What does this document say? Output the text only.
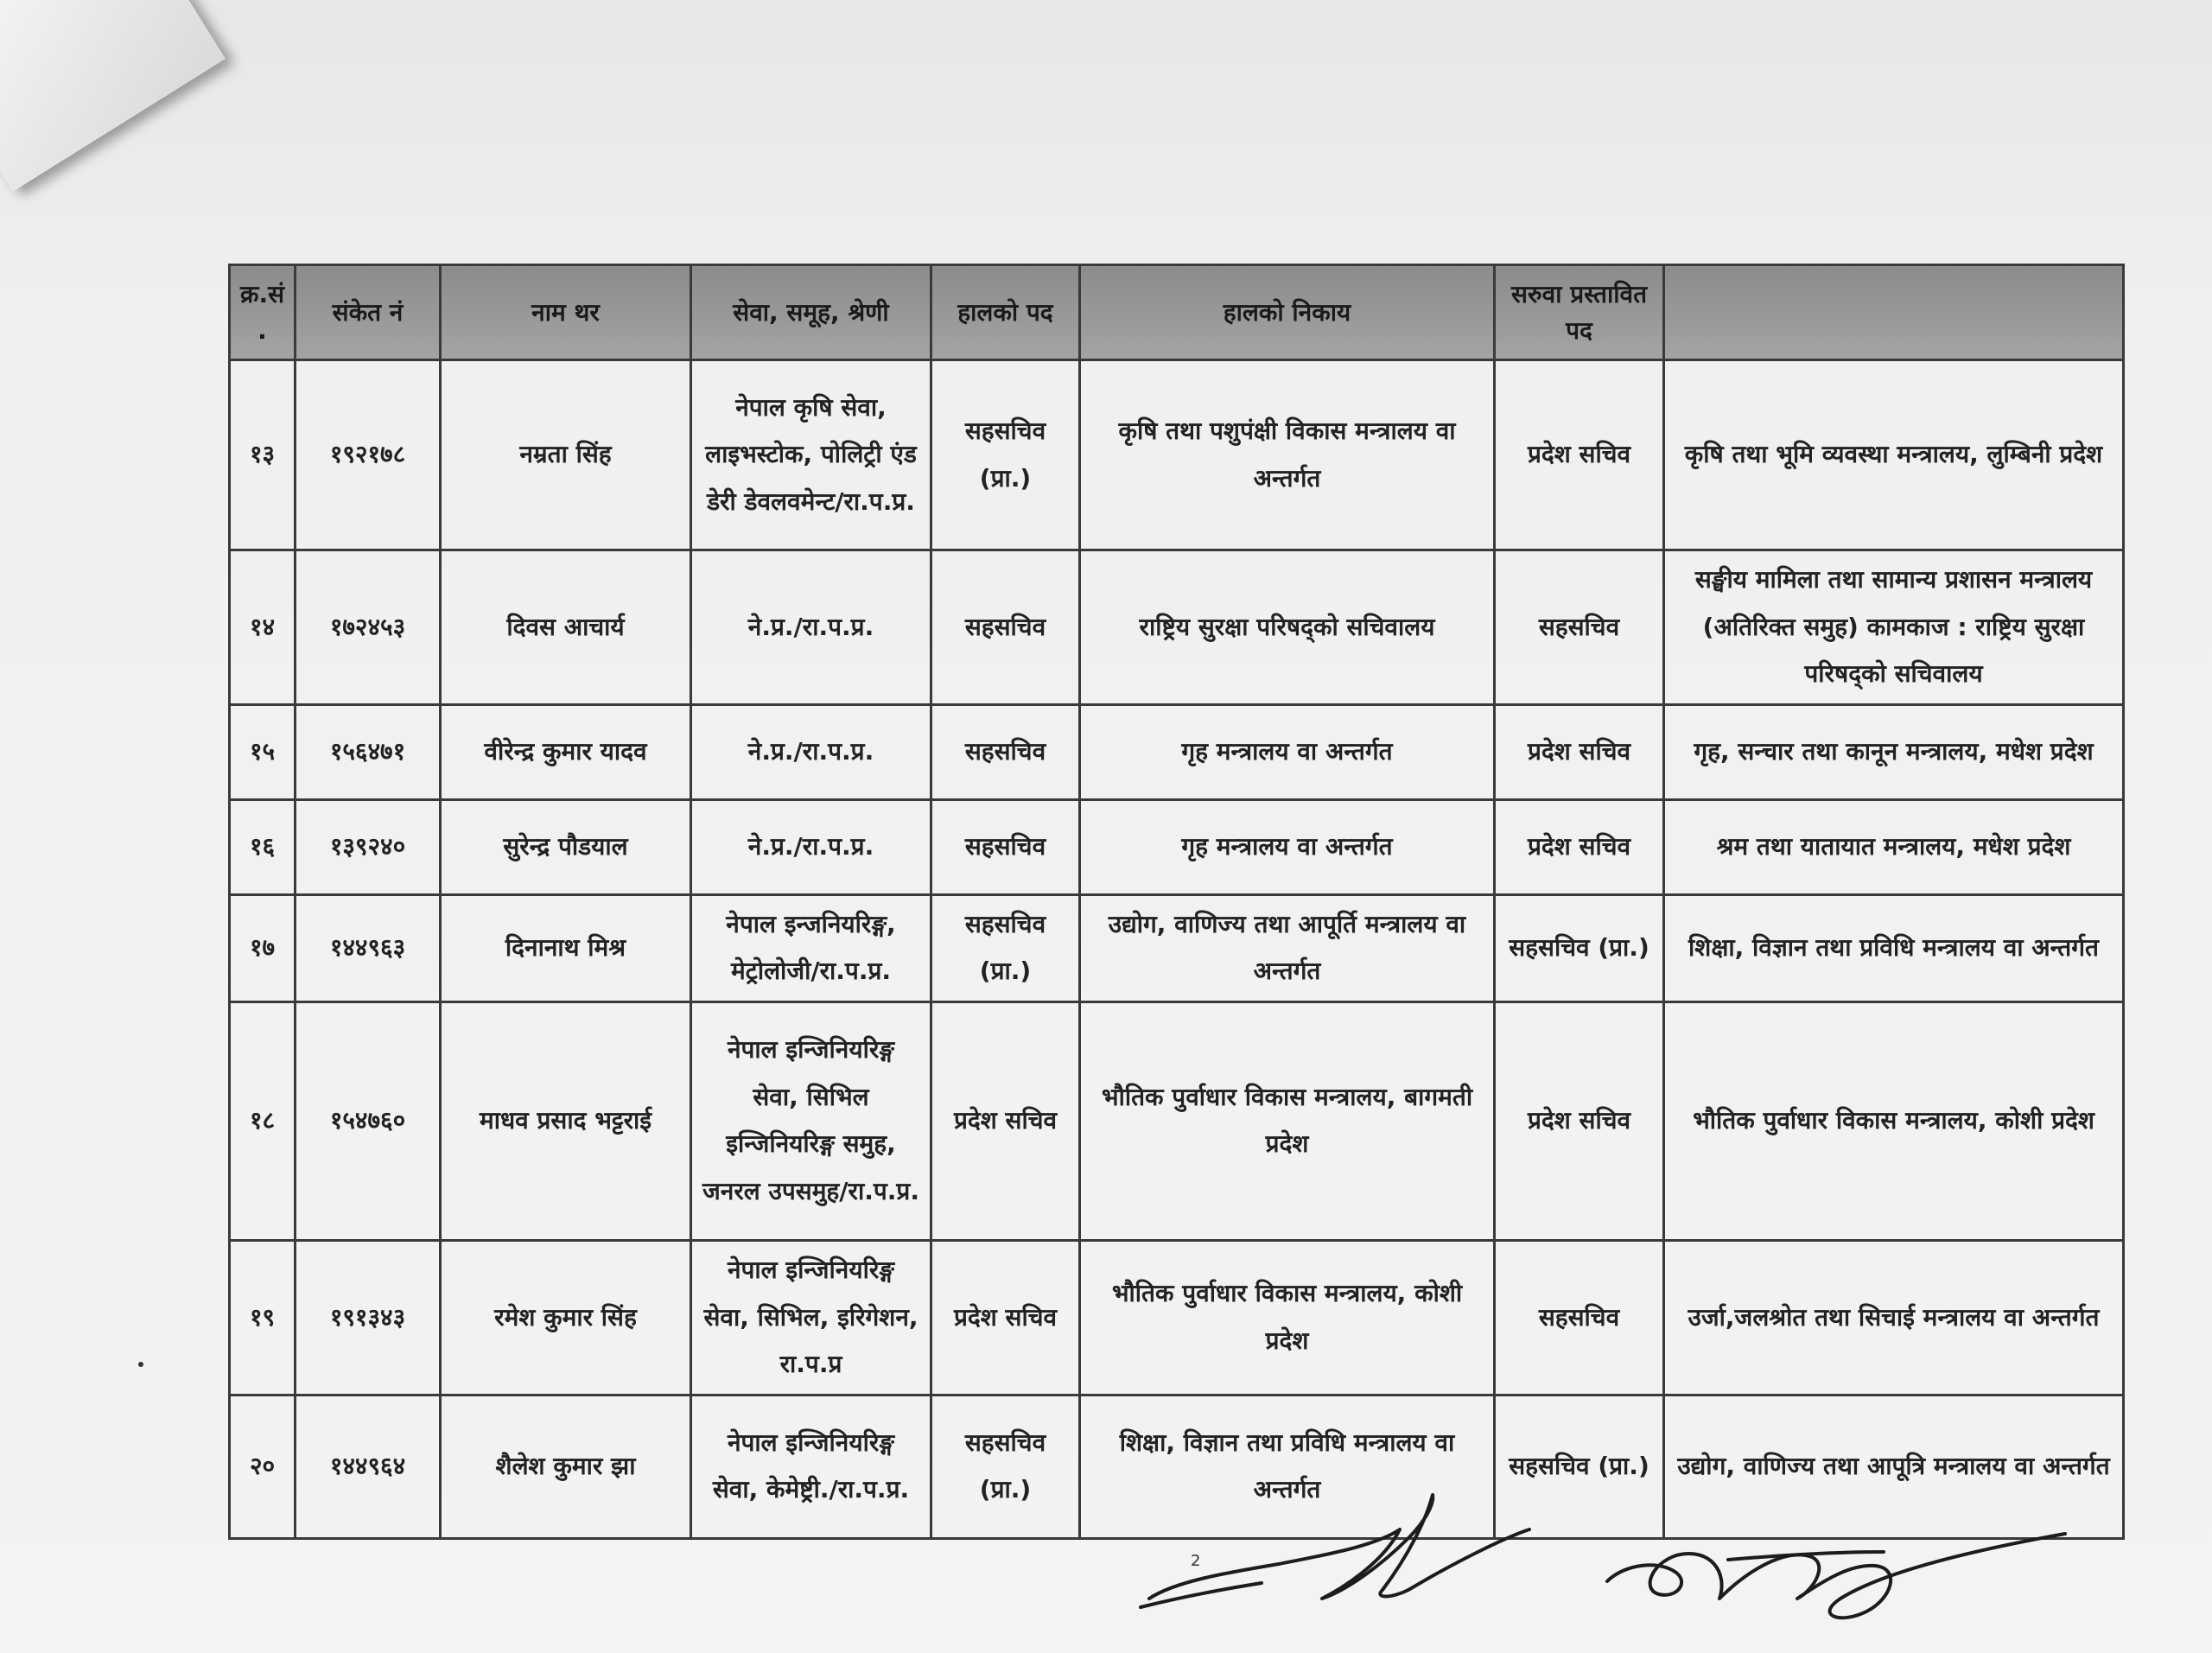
क्र.सं.	संकेत नं	नाम थर	सेवा, समूह, श्रेणी	हालको पद	हालको निकाय	सरुवा प्रस्तावित पद	
१३	१९२१७८	नम्रता सिंह	नेपाल कृषि सेवा, लाइभस्टोक, पोलिट्री एंड डेरी डेवलवमेन्ट/रा.प.प्र.	सहसचिव (प्रा.)	कृषि तथा पशुपंक्षी विकास मन्त्रालय वा अन्तर्गत	प्रदेश सचिव	कृषि तथा भूमि व्यवस्था मन्त्रालय, लुम्बिनी प्रदेश
१४	१७२४५३	दिवस आचार्य	ने.प्र./रा.प.प्र.	सहसचिव	राष्ट्रिय सुरक्षा परिषद्को सचिवालय	सहसचिव	सङ्घीय मामिला तथा सामान्य प्रशासन मन्त्रालय (अतिरिक्त समुह) कामकाज : राष्ट्रिय सुरक्षा परिषद्को सचिवालय
१५	१५६४७१	वीरेन्द्र कुमार यादव	ने.प्र./रा.प.प्र.	सहसचिव	गृह मन्त्रालय वा अन्तर्गत	प्रदेश सचिव	गृह, सन्चार तथा कानून मन्त्रालय, मधेश प्रदेश
१६	१३९२४०	सुरेन्द्र पौडयाल	ने.प्र./रा.प.प्र.	सहसचिव	गृह मन्त्रालय वा अन्तर्गत	प्रदेश सचिव	श्रम तथा यातायात मन्त्रालय, मधेश प्रदेश
१७	१४४९६३	दिनानाथ मिश्र	नेपाल इन्जनियरिङ्ग, मेट्रोलोजी/रा.प.प्र.	सहसचिव (प्रा.)	उद्योग, वाणिज्य तथा आपूर्ति मन्त्रालय वा अन्तर्गत	सहसचिव (प्रा.)	शिक्षा, विज्ञान तथा प्रविधि मन्त्रालय वा अन्तर्गत
१८	१५४७६०	माधव प्रसाद भट्टराई	नेपाल इन्जिनियरिङ्ग सेवा, सिभिल इन्जिनियरिङ्ग समुह, जनरल उपसमुह/रा.प.प्र.	प्रदेश सचिव	भौतिक पुर्वाधार विकास मन्त्रालय, बागमती प्रदेश	प्रदेश सचिव	भौतिक पुर्वाधार विकास मन्त्रालय, कोशी प्रदेश
१९	१९१३४३	रमेश कुमार सिंह	नेपाल इन्जिनियरिङ्ग सेवा, सिभिल, इरिगेशन, रा.प.प्र	प्रदेश सचिव	भौतिक पुर्वाधार विकास मन्त्रालय, कोशी प्रदेश	सहसचिव	उर्जा,जलश्रोत तथा सिचाई मन्त्रालय वा अन्तर्गत
२०	१४४९६४	शैलेश कुमार झा	नेपाल इन्जिनियरिङ्ग सेवा, केमेष्ट्री./रा.प.प्र.	सहसचिव (प्रा.)	शिक्षा, विज्ञान तथा प्रविधि मन्त्रालय वा अन्तर्गत	सहसचिव (प्रा.)	उद्योग, वाणिज्य तथा आपूत्रि मन्त्रालय वा अन्तर्गत
2
